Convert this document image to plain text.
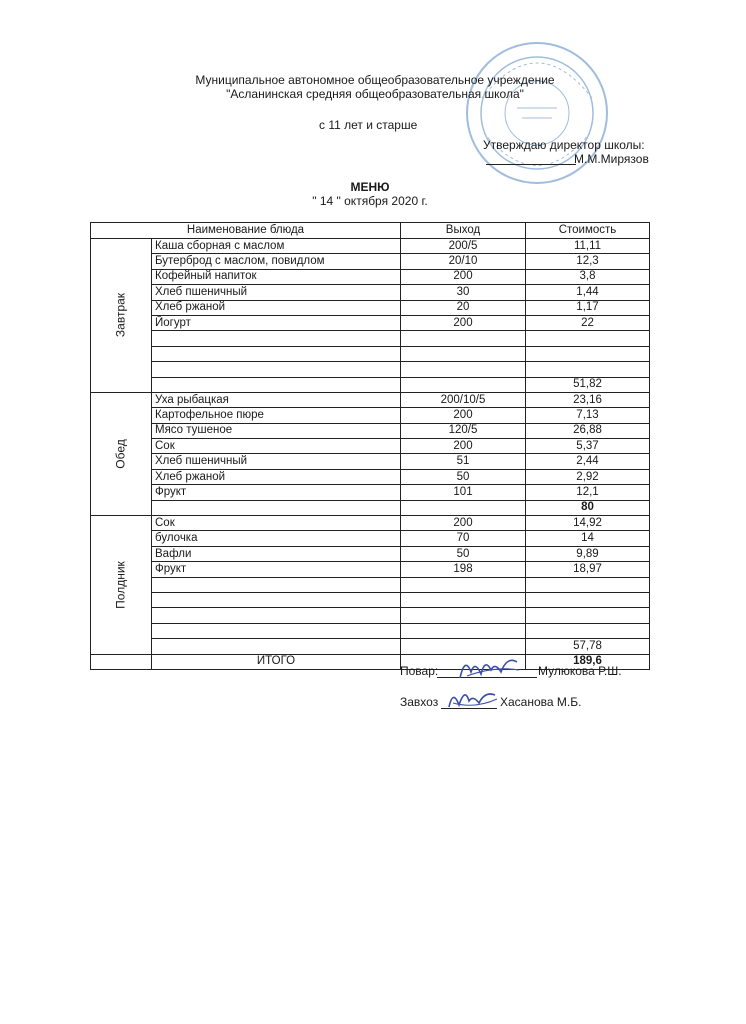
Муниципальное автономное общеобразовательное учреждение
"Асланинская средняя общеобразовательная школа"
с 11 лет и старше
Утверждаю директор школы:
М.М.Мирязов
МЕНЮ
" 14 " октября 2020 г.
Наименование блюда		Выход	Стоимость

Завтрак	Каша сборная с маслом	200/5	11,11
	Бутерброд с маслом, повидлом	20/10	12,3
	Кофейный напиток	200	3,8
	Хлеб пшеничный	30	1,44
	Хлеб ржаной	20	1,17
	Йогурт	200	22

			51,82

Обед	Уха рыбацкая	200/10/5	23,16
	Картофельное пюре	200	7,13
	Мясо тушеное	120/5	26,88
	Сок	200	5,37
	Хлеб пшеничный	51	2,44
	Хлеб ржаной	50	2,92
	Фрукт	101	12,1
			80

Полдник	Сок	200	14,92
	булочка	70	14
	Вафли	50	9,89
	Фрукт	198	18,97

			57,78
	ИТОГО		189,6
Повар:	Мулюкова Р.Ш.
Завхоз	Хасанова М.Б.
